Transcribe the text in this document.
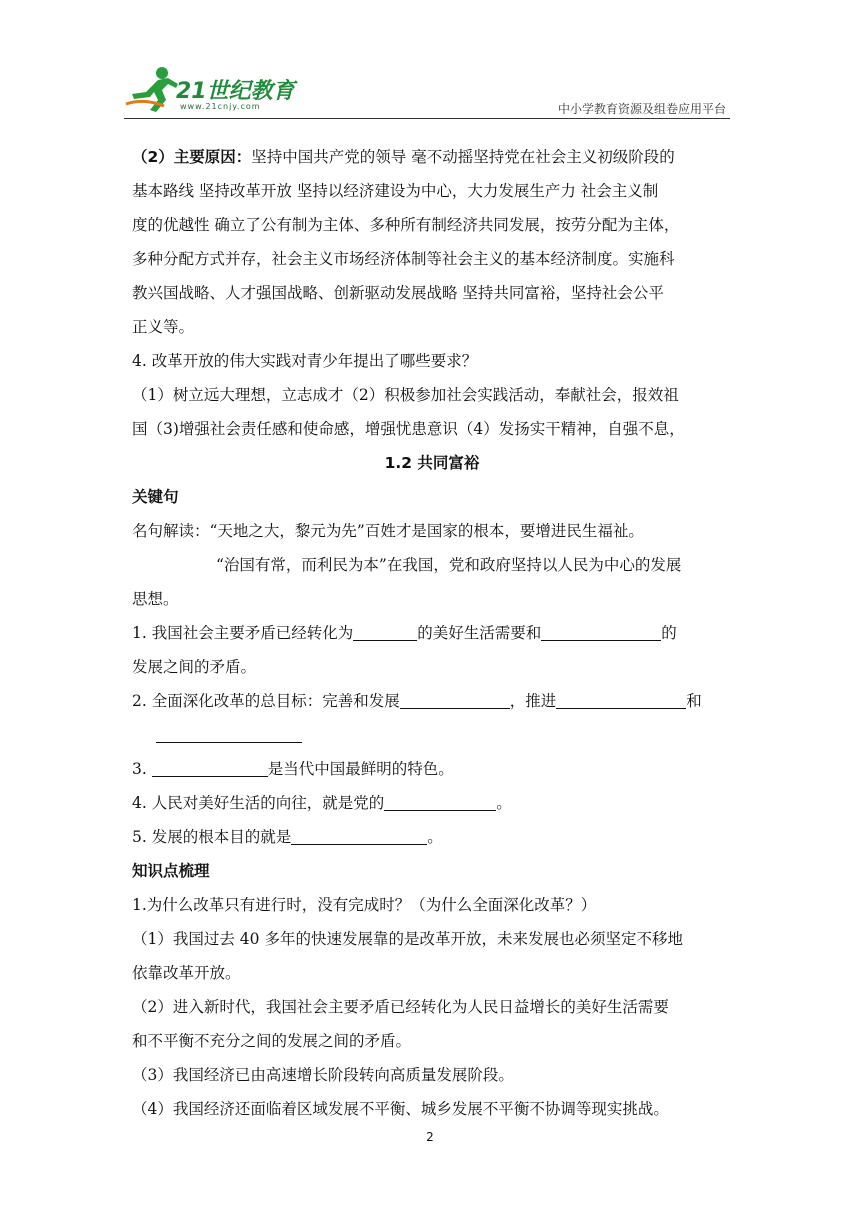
21世纪教育
www.21cnjy.com	中小学教育资源及组卷应用平台
（2）主要原因：坚持中国共产党的领导 毫不动摇坚持党在社会主义初级阶段的
基本路线 坚持改革开放 坚持以经济建设为中心，大力发展生产力 社会主义制
度的优越性 确立了公有制为主体、多种所有制经济共同发展，按劳分配为主体，
多种分配方式并存，社会主义市场经济体制等社会主义的基本经济制度。实施科
教兴国战略、人才强国战略、创新驱动发展战略 坚持共同富裕，坚持社会公平
正义等。
4. 改革开放的伟大实践对青少年提出了哪些要求？
（1）树立远大理想，立志成才（2）积极参加社会实践活动，奉献社会，报效祖
国（3)增强社会责任感和使命感，增强忧患意识（4）发扬实干精神，自强不息，
1.2 共同富裕
关键句
名句解读：“天地之大，黎元为先”百姓才是国家的根本，要增进民生福祉。
“治国有常，而利民为本”在我国，党和政府坚持以人民为中心的发展
思想。
1. 我国社会主要矛盾已经转化为	的美好生活需要和	的
发展之间的矛盾。
2. 全面深化改革的总目标：完善和发展	，推进	和
3.	是当代中国最鲜明的特色。
4. 人民对美好生活的向往，就是党的	。
5. 发展的根本目的就是	。
知识点梳理
1.为什么改革只有进行时，没有完成时？（为什么全面深化改革？）
（1）我国过去 40 多年的快速发展靠的是改革开放，未来发展也必须坚定不移地
依靠改革开放。
（2）进入新时代，我国社会主要矛盾已经转化为人民日益增长的美好生活需要
和不平衡不充分之间的发展之间的矛盾。
（3）我国经济已由高速增长阶段转向高质量发展阶段。
（4）我国经济还面临着区域发展不平衡、城乡发展不平衡不协调等现实挑战。
2
